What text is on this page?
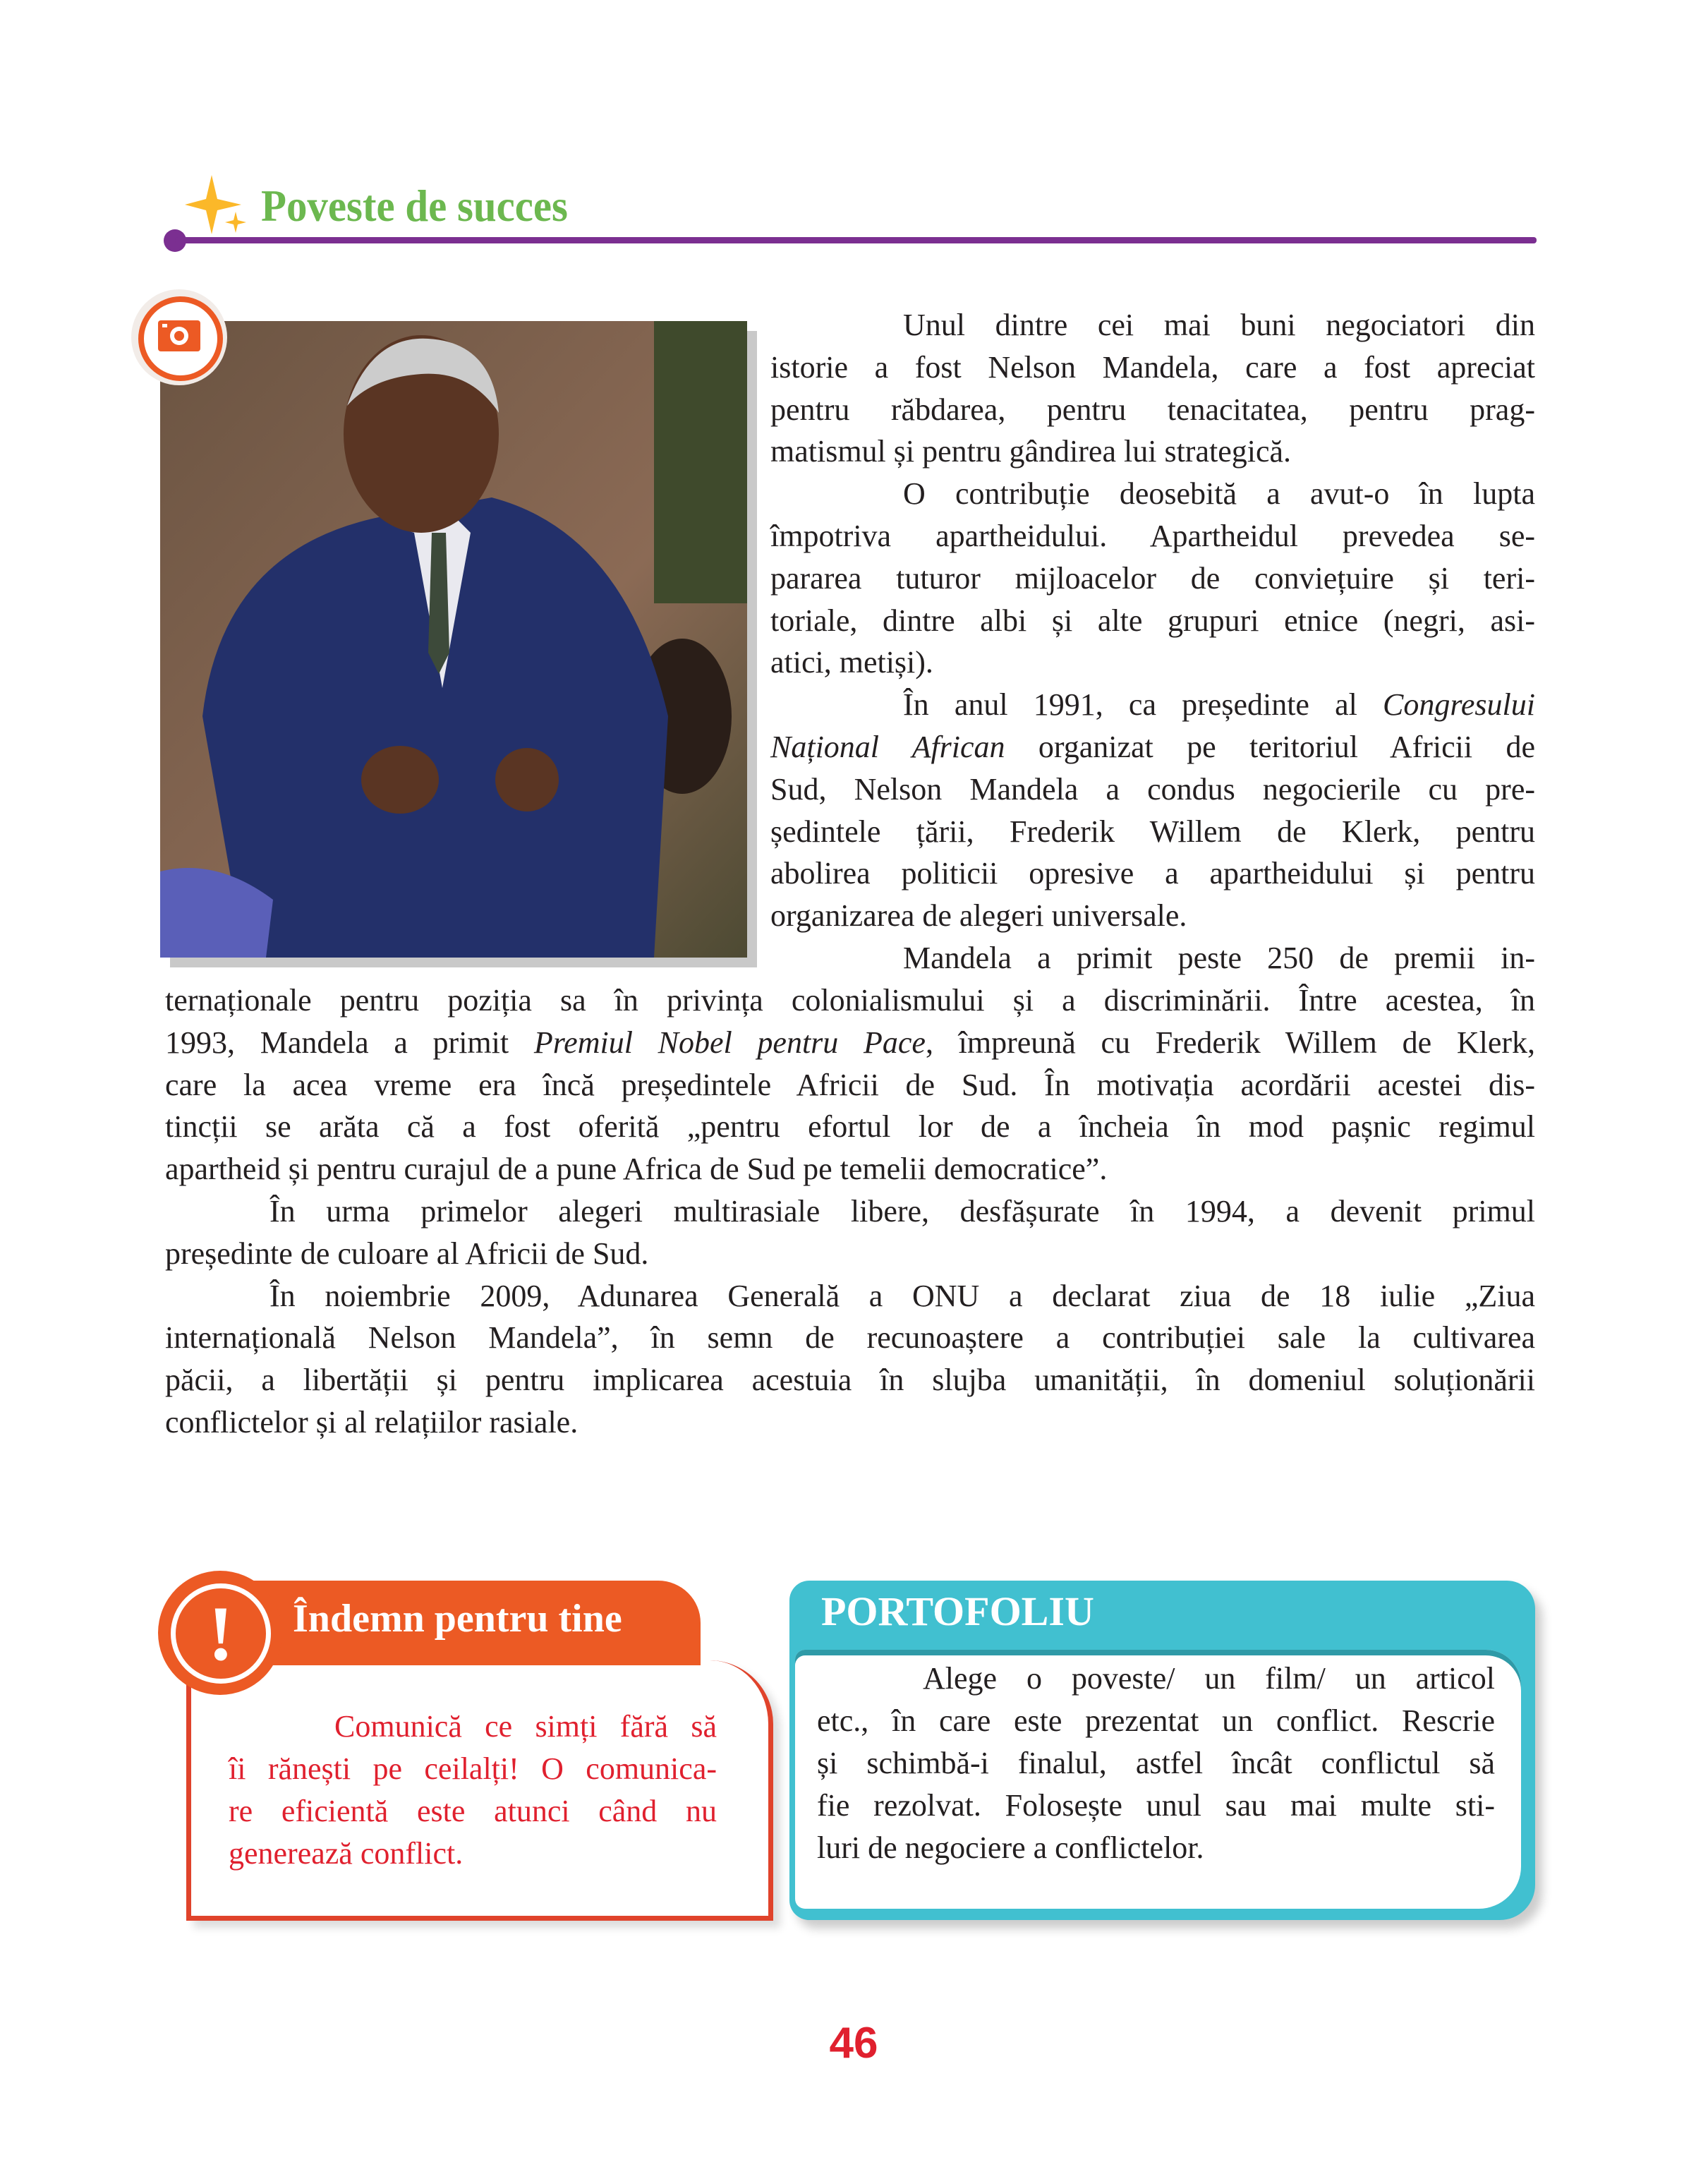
Poveste de succes
Unul dintre cei mai buni negociatori din
istorie a fost Nelson Mandela, care a fost apreciat
pentru răbdarea, pentru tenacitatea, pentru prag-
matismul și pentru gândirea lui strategică.
O contribuție deosebită a avut-o în lupta
împotriva apartheidului. Apartheidul prevedea se-
pararea tuturor mijloacelor de conviețuire și teri-
toriale, dintre albi și alte grupuri etnice (negri, asi-
atici, metiși).
În anul 1991, ca președinte al Congresului
Național African organizat pe teritoriul Africii de
Sud, Nelson Mandela a condus negocierile cu pre-
ședintele țării, Frederik Willem de Klerk, pentru
abolirea politicii opresive a apartheidului și pentru
organizarea de alegeri universale.
Mandela a primit peste 250 de premii in-
ternaționale pentru poziția sa în privința colonialismului și a discriminării. Între acestea, în
1993, Mandela a primit Premiul Nobel pentru Pace, împreună cu Frederik Willem de Klerk,
care la acea vreme era încă președintele Africii de Sud. În motivația acordării acestei dis-
tincții se arăta că a fost oferită „pentru efortul lor de a încheia în mod pașnic regimul
apartheid și pentru curajul de a pune Africa de Sud pe temelii democratice”.
În urma primelor alegeri multirasiale libere, desfășurate în 1994, a devenit primul
președinte de culoare al Africii de Sud.
În noiembrie 2009, Adunarea Generală a ONU a declarat ziua de 18 iulie „Ziua
internațională Nelson Mandela”, în semn de recunoaștere a contribuției sale la cultivarea
păcii, a libertății și pentru implicarea acestuia în slujba umanității, în domeniul soluționării
conflictelor și al relațiilor rasiale.
Îndemn pentru tine
!
Comunică ce simți fără să
îi rănești pe ceilalți! O comunica-
re eficientă este atunci când nu
generează conflict.
PORTOFOLIU
Alege o poveste/ un film/ un articol
etc., în care este prezentat un conflict. Rescrie
și schimbă-i finalul, astfel încât conflictul să
fie rezolvat. Folosește unul sau mai multe sti-
luri de negociere a conflictelor.
46
